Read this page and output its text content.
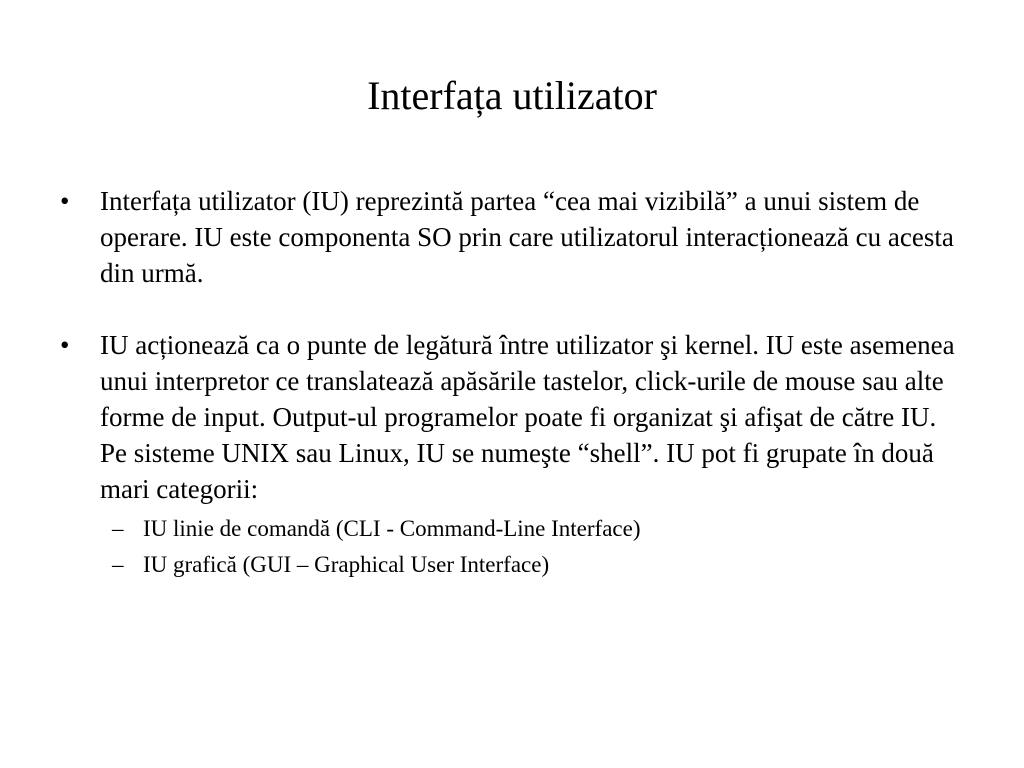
Interfața utilizator
•	Interfața utilizator (IU) reprezintă partea “cea mai vizibilă” a unui sistem de operare. IU este componenta SO prin care utilizatorul interacționează cu acesta din urmă.
•	IU acționează ca o punte de legătură între utilizator şi kernel. IU este asemenea unui interpretor ce translatează apăsările tastelor, click-urile de mouse sau alte forme de input. Output-ul programelor poate fi organizat şi afişat de către IU. Pe sisteme UNIX sau Linux, IU se numeşte “shell”. IU pot fi grupate în două mari categorii:
– IU linie de comandă (CLI - Command-Line Interface)
– IU grafică (GUI – Graphical User Interface)
